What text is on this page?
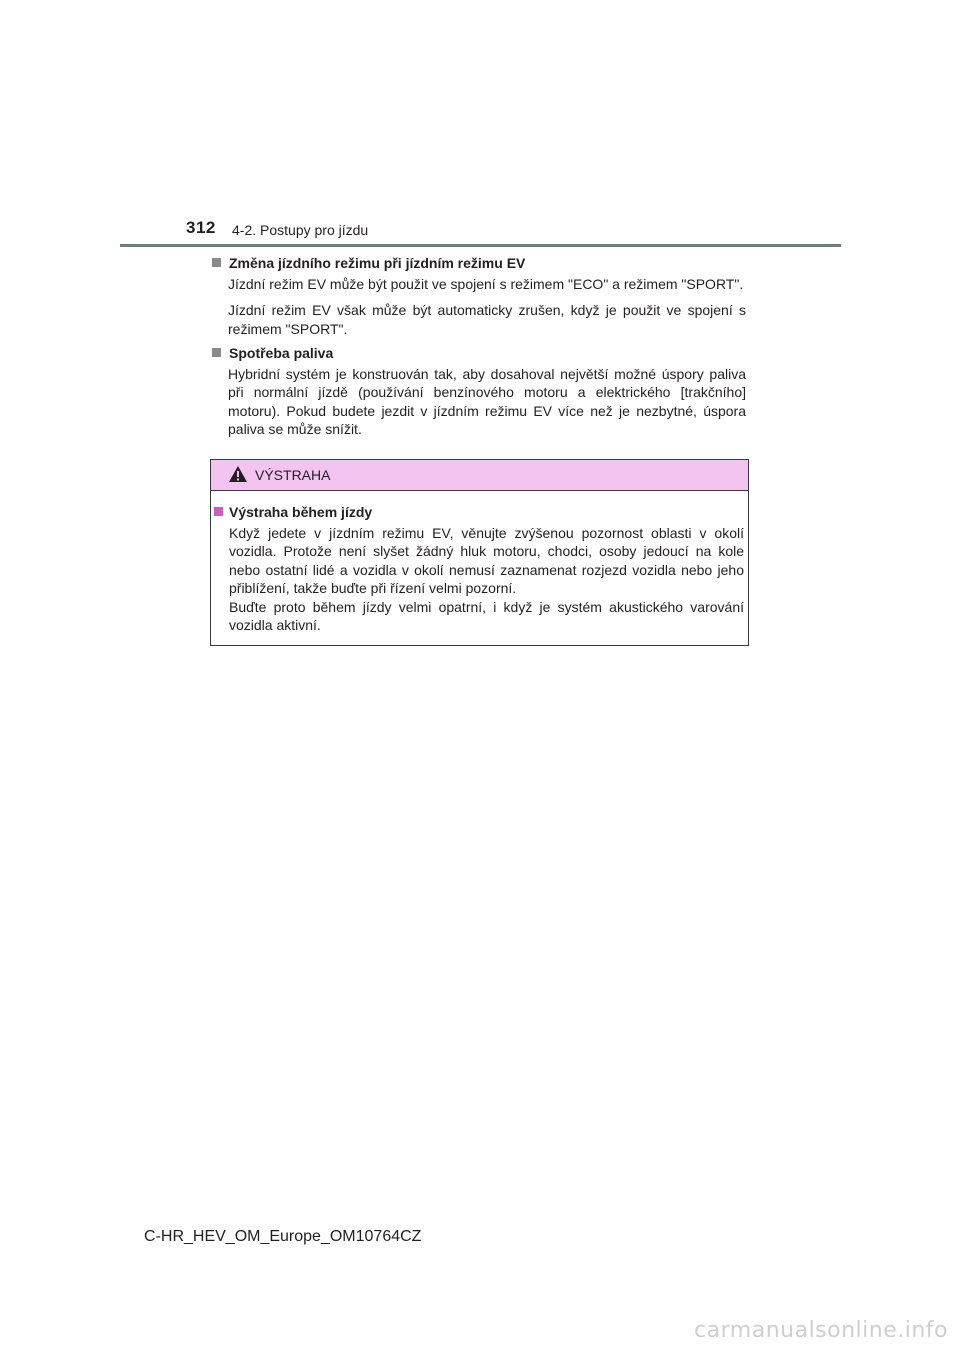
312 4-2. Postupy pro jízdu
Změna jízdního režimu při jízdním režimu EV
Jízdní režim EV může být použit ve spojení s režimem "ECO" a režimem "SPORT".
Jízdní režim EV však může být automaticky zrušen, když je použit ve spojení s režimem "SPORT".
Spotřeba paliva
Hybridní systém je konstruován tak, aby dosahoval největší možné úspory paliva při normální jízdě (používání benzínového motoru a elektrického [trakčního] motoru). Pokud budete jezdit v jízdním režimu EV více než je nezbytné, úspora paliva se může snížit.
VÝSTRAHA
Výstraha během jízdy
Když jedete v jízdním režimu EV, věnujte zvýšenou pozornost oblasti v okolí vozidla. Protože není slyšet žádný hluk motoru, chodci, osoby jedoucí na kole nebo ostatní lidé a vozidla v okolí nemusí zaznamenat rozjezd vozidla nebo jeho přiblížení, takže buďte při řízení velmi pozorní.
Buďte proto během jízdy velmi opatrní, i když je systém akustického varování vozidla aktivní.
C-HR_HEV_OM_Europe_OM10764CZ
carmanualsonline.info
